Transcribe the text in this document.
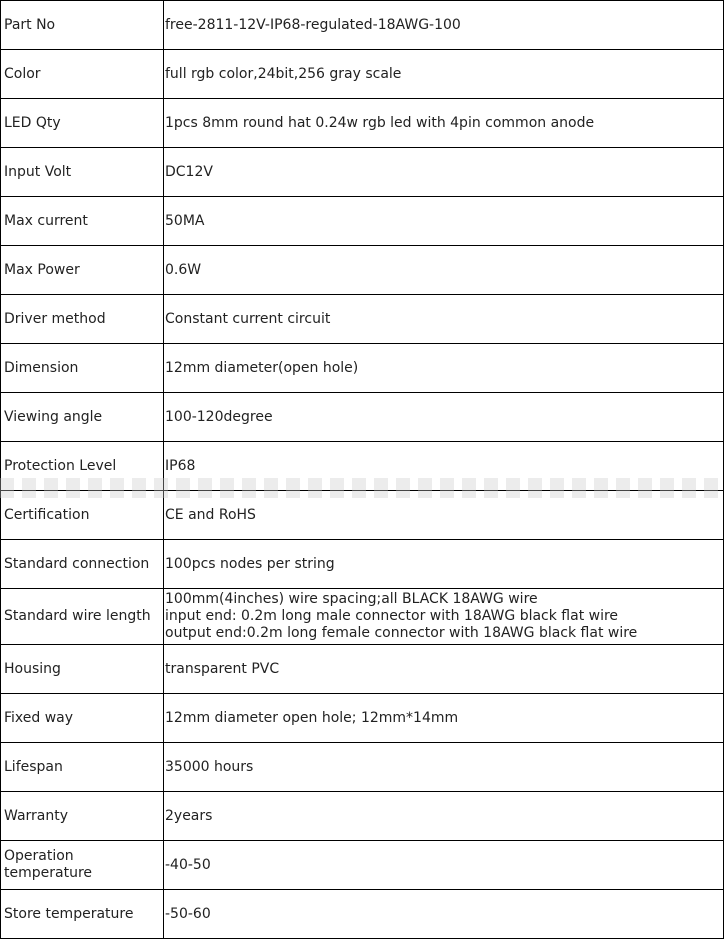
Part No	free-2811-12V-IP68-regulated-18AWG-100
Color	full rgb color,24bit,256 gray scale
LED Qty	1pcs 8mm round hat 0.24w rgb led with 4pin common anode
Input Volt	DC12V
Max current	50MA
Max Power	0.6W
Driver method	Constant current circuit
Dimension	12mm diameter(open hole)
Viewing angle	100-120degree
Protection Level	IP68
Certification	CE and RoHS
Standard connection	100pcs nodes per string
Standard wire length	100mm(4inches) wire spacing;all BLACK 18AWG wire
input end: 0.2m long male connector with 18AWG black flat wire
output end:0.2m long female connector with 18AWG black flat wire

Housing	transparent PVC
Fixed way	12mm diameter open hole; 12mm*14mm
Lifespan	35000 hours
Warranty	2years
Operation temperature	-40-50
Store temperature	-50-60
